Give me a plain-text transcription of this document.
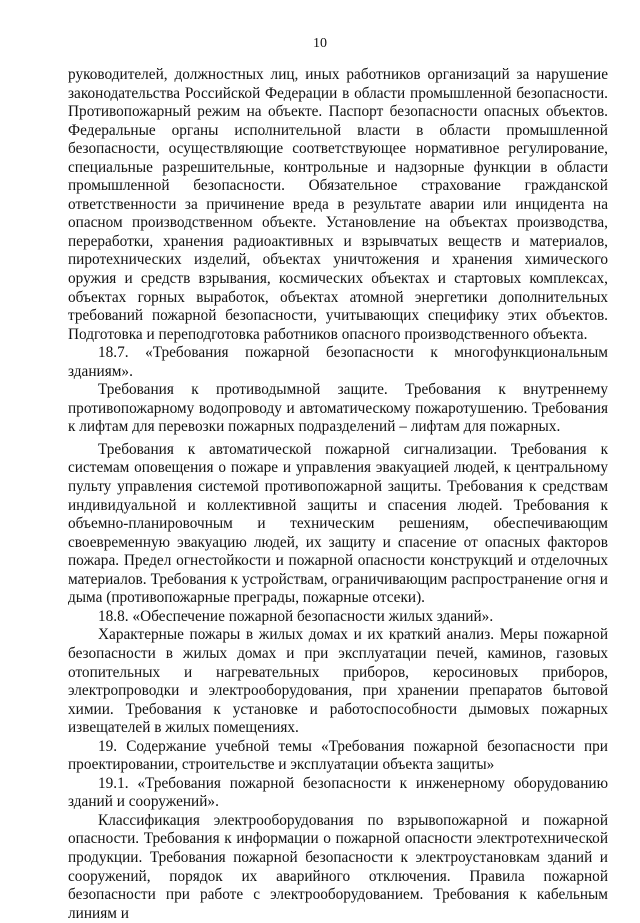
10

руководителей, должностных лиц, иных работников организаций за нарушение законодательства Российской Федерации в области промышленной безопасности. Противопожарный режим на объекте. Паспорт безопасности опасных объектов. Федеральные органы исполнительной власти в области промышленной безопасности, осуществляющие соответствующее нормативное регулирование, специальные разрешительные, контрольные и надзорные функции в области промышленной безопасности. Обязательное страхование гражданской ответственности за причинение вреда в результате аварии или инцидента на опасном производственном объекте. Установление на объектах производства, переработки, хранения радиоактивных и взрывчатых веществ и материалов, пиротехнических изделий, объектах уничтожения и хранения химического оружия и средств взрывания, космических объектах и стартовых комплексах, объектах горных выработок, объектах атомной энергетики дополнительных требований пожарной безопасности, учитывающих специфику этих объектов. Подготовка и переподготовка работников опасного производственного объекта.

18.7. «Требования пожарной безопасности к многофункциональным зданиям».

Требования к противодымной защите. Требования к внутреннему противопожарному водопроводу и автоматическому пожаротушению. Требования к лифтам для перевозки пожарных подразделений – лифтам для пожарных.

Требования к автоматической пожарной сигнализации. Требования к системам оповещения о пожаре и управления эвакуацией людей, к центральному пульту управления системой противопожарной защиты. Требования к средствам индивидуальной и коллективной защиты и спасения людей. Требования к объемно-планировочным и техническим решениям, обеспечивающим своевременную эвакуацию людей, их защиту и спасение от опасных факторов пожара. Предел огнестойкости и пожарной опасности конструкций и отделочных материалов. Требования к устройствам, ограничивающим распространение огня и дыма (противопожарные преграды, пожарные отсеки).

18.8. «Обеспечение пожарной безопасности жилых зданий».

Характерные пожары в жилых домах и их краткий анализ. Меры пожарной безопасности в жилых домах и при эксплуатации печей, каминов, газовых отопительных и нагревательных приборов, керосиновых приборов, электропроводки и электрооборудования, при хранении препаратов бытовой химии. Требования к установке и работоспособности дымовых пожарных извещателей в жилых помещениях.

19. Содержание учебной темы «Требования пожарной безопасности при проектировании, строительстве и эксплуатации объекта защиты»

19.1. «Требования пожарной безопасности к инженерному оборудованию зданий и сооружений».

Классификация электрооборудования по взрывопожарной и пожарной опасности. Требования к информации о пожарной опасности электротехнической продукции. Требования пожарной безопасности к электроустановкам зданий и сооружений, порядок их аварийного отключения. Правила пожарной безопасности при работе с электрооборудованием. Требования к кабельным линиям и
